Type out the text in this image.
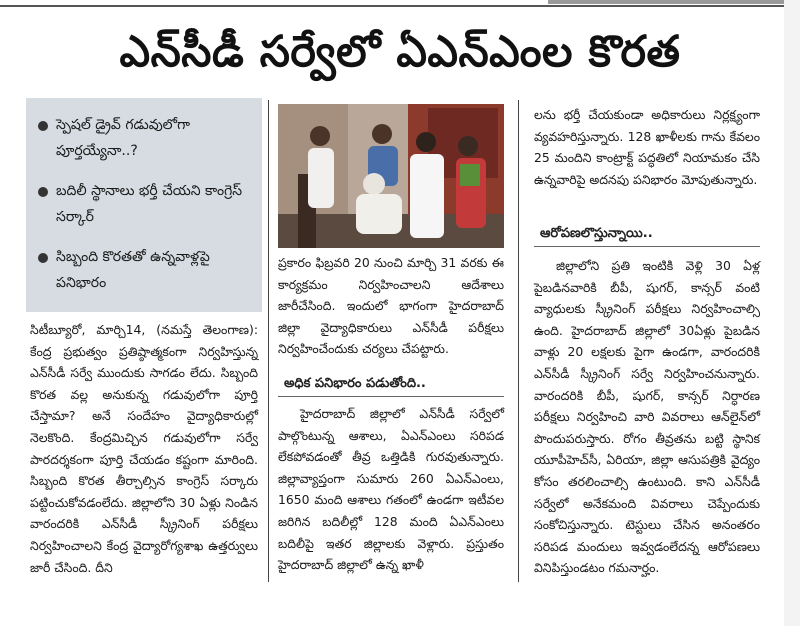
ఎన్‌సీడీ సర్వేలో ఏఎన్‌ఎంల కొరత
స్పెషల్ డ్రైవ్ గడువులోగా పూర్తయ్యేనా..?
బదిలీ స్థానాలు భర్తీ చేయని కాంగ్రెస్ సర్కార్
సిబ్బంది కొరతతో ఉన్నవాళ్లపై పనిభారం

సిటీబ్యూరో, మార్చి14, (నమస్తే తెలంగాణ): కేంద్ర ప్రభుత్వం ప్రతిష్ఠాత్మకంగా నిర్వహిస్తున్న ఎన్‌సీడీ సర్వే ముందుకు సాగడం లేదు. సిబ్బంది కొరత వల్ల అనుకున్న గడువులోగా పూర్తి చేస్తామా? అనే సందేహం వైద్యాధికారుల్లో నెలకొంది. కేంద్రమిచ్చిన గడువులోగా సర్వే పారదర్శకంగా పూర్తి చేయడం కష్టంగా మారింది. సిబ్బంది కొరత తీర్చాల్సిన కాంగ్రెస్ సర్కారు పట్టించుకోవడంలేదు. జిల్లాలోని 30 ఏళ్లు నిండిన వారందరికి ఎన్‌సీడీ స్క్రీనింగ్ పరీక్షలు నిర్వహించాలని కేంద్ర వైద్యారోగ్యశాఖ ఉత్తర్వులు జారీ చేసింది. దీని

ప్రకారం ఫిబ్రవరి 20 నుంచి మార్చి 31 వరకు ఈ కార్యక్రమం నిర్వహించాలని ఆదేశాలు జారీచేసింది. ఇందులో భాగంగా హైదరాబాద్ జిల్లా వైద్యాధికారులు ఎన్‌సీడీ పరీక్షలు నిర్వహించేందుకు చర్యలు చేపట్టారు.

అధిక పనిభారం పడుతోంది..

హైదరాబాద్ జిల్లాలో ఎన్‌సీడీ సర్వేలో పాల్గొంటున్న ఆశాలు, ఏఎన్‌ఎంలు సరిపడ లేకపోవడంతో తీవ్ర ఒత్తిడికి గురవుతున్నారు. జిల్లావ్యాప్తంగా సుమారు 260 ఏఎన్‌ఎంలు, 1650 మంది ఆశాలు గతంలో ఉండగా ఇటీవల జరిగిన బదిలీల్లో 128 మంది ఏఎన్‌ఎంలు బదిలీపై ఇతర జిల్లాలకు వెళ్లారు. ప్రస్తుతం హైదరాబాద్ జిల్లాలో ఉన్న ఖాళీ

లను భర్తీ చేయకుండా అధికారులు నిర్లక్ష్యంగా వ్యవహరిస్తున్నారు. 128 ఖాళీలకు గాను కేవలం 25 మందిని కాంట్రాక్ట్ పద్ధతిలో నియామకం చేసి ఉన్నవారిపై అదనపు పనిభారం మోపుతున్నారు.

ఆరోపణలొస్తున్నాయి..

జిల్లాలోని ప్రతి ఇంటికి వెళ్లి 30 ఏళ్ల పైబడినవారికి బీపీ, షుగర్, కాన్సర్ వంటి వ్యాధులకు స్క్రీనింగ్ పరీక్షలు నిర్వహించాల్సి ఉంది. హైదరాబాద్ జిల్లాలో 30ఏళ్లు పైబడిన వాళ్లు 20 లక్షలకు పైగా ఉండగా, వారందరికి ఎన్‌సీడీ స్క్రీనింగ్ సర్వే నిర్వహించనున్నారు. వారందరికి బీపీ, షుగర్, కాన్సర్ నిర్ధారణ పరీక్షలు నిర్వహించి వారి వివరాలు ఆన్‌లైన్‌లో పొందుపరుస్తారు. రోగం తీవ్రతను బట్టి స్థానిక యూపీహెచ్‌సీ, ఏరియా, జిల్లా ఆసుపత్రికి వైద్యం కోసం తరలించాల్సి ఉంటుంది. కాని ఎన్‌సీడీ సర్వేలో అనేకమంది వివరాలు చెప్పేందుకు సంకోచిస్తున్నారు. టెస్టులు చేసిన అనంతరం సరిపడ మందులు ఇవ్వడంలేదన్న ఆరోపణలు వినిపిస్తుండటం గమనార్హం.
